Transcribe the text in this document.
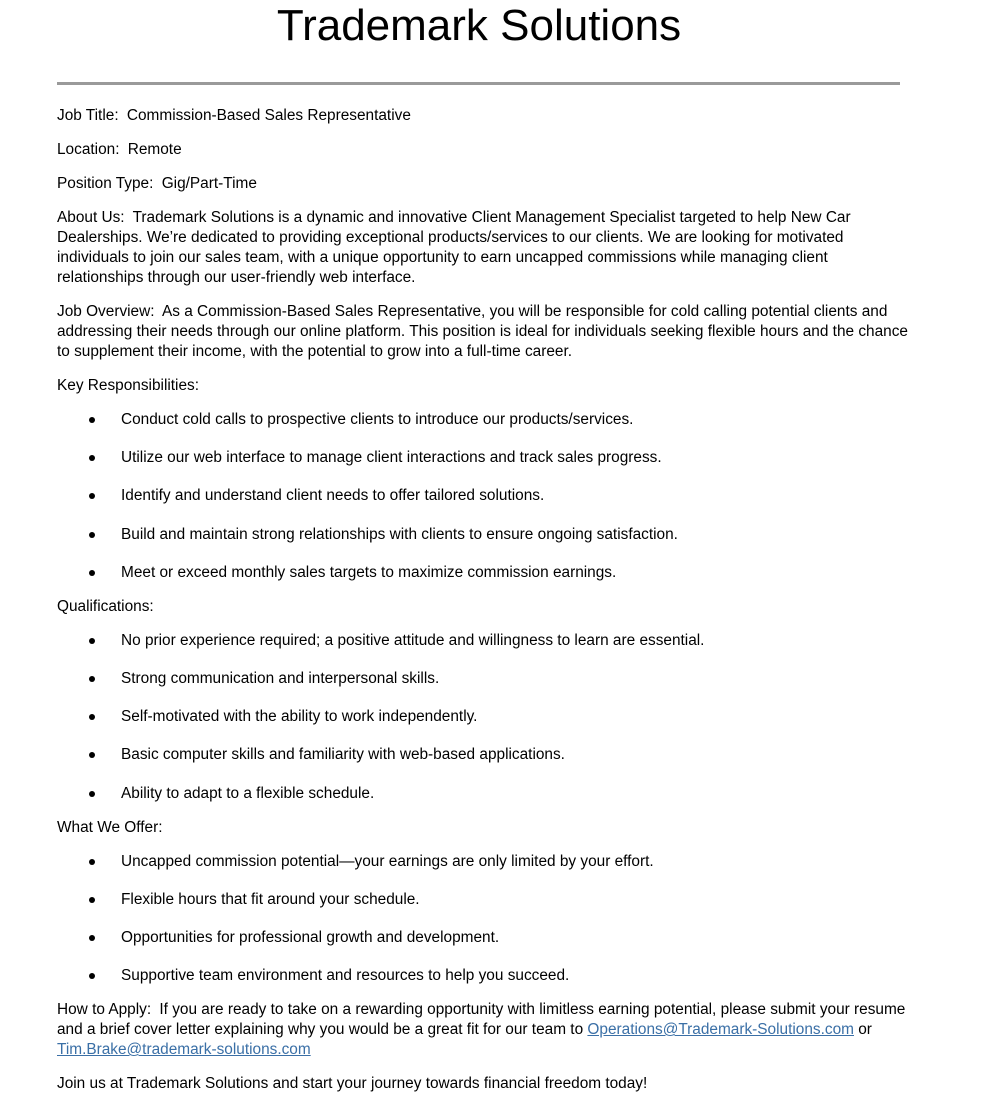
Trademark Solutions

Job Title: Commission-Based Sales Representative

Location: Remote

Position Type: Gig/Part-Time

About Us: Trademark Solutions is a dynamic and innovative Client Management Specialist targeted to help New Car Dealerships. We’re dedicated to providing exceptional products/services to our clients. We are looking for motivated individuals to join our sales team, with a unique opportunity to earn uncapped commissions while managing client relationships through our user-friendly web interface.

Job Overview: As a Commission-Based Sales Representative, you will be responsible for cold calling potential clients and addressing their needs through our online platform. This position is ideal for individuals seeking flexible hours and the chance to supplement their income, with the potential to grow into a full-time career.

Key Responsibilities:

Conduct cold calls to prospective clients to introduce our products/services.
Utilize our web interface to manage client interactions and track sales progress.
Identify and understand client needs to offer tailored solutions.
Build and maintain strong relationships with clients to ensure ongoing satisfaction.
Meet or exceed monthly sales targets to maximize commission earnings.

Qualifications:

No prior experience required; a positive attitude and willingness to learn are essential.
Strong communication and interpersonal skills.
Self-motivated with the ability to work independently.
Basic computer skills and familiarity with web-based applications.
Ability to adapt to a flexible schedule.

What We Offer:

Uncapped commission potential—your earnings are only limited by your effort.
Flexible hours that fit around your schedule.
Opportunities for professional growth and development.
Supportive team environment and resources to help you succeed.

How to Apply: If you are ready to take on a rewarding opportunity with limitless earning potential, please submit your resume and a brief cover letter explaining why you would be a great fit for our team to Operations@Trademark-Solutions.com or Tim.Brake@trademark-solutions.com

Join us at Trademark Solutions and start your journey towards financial freedom today!
